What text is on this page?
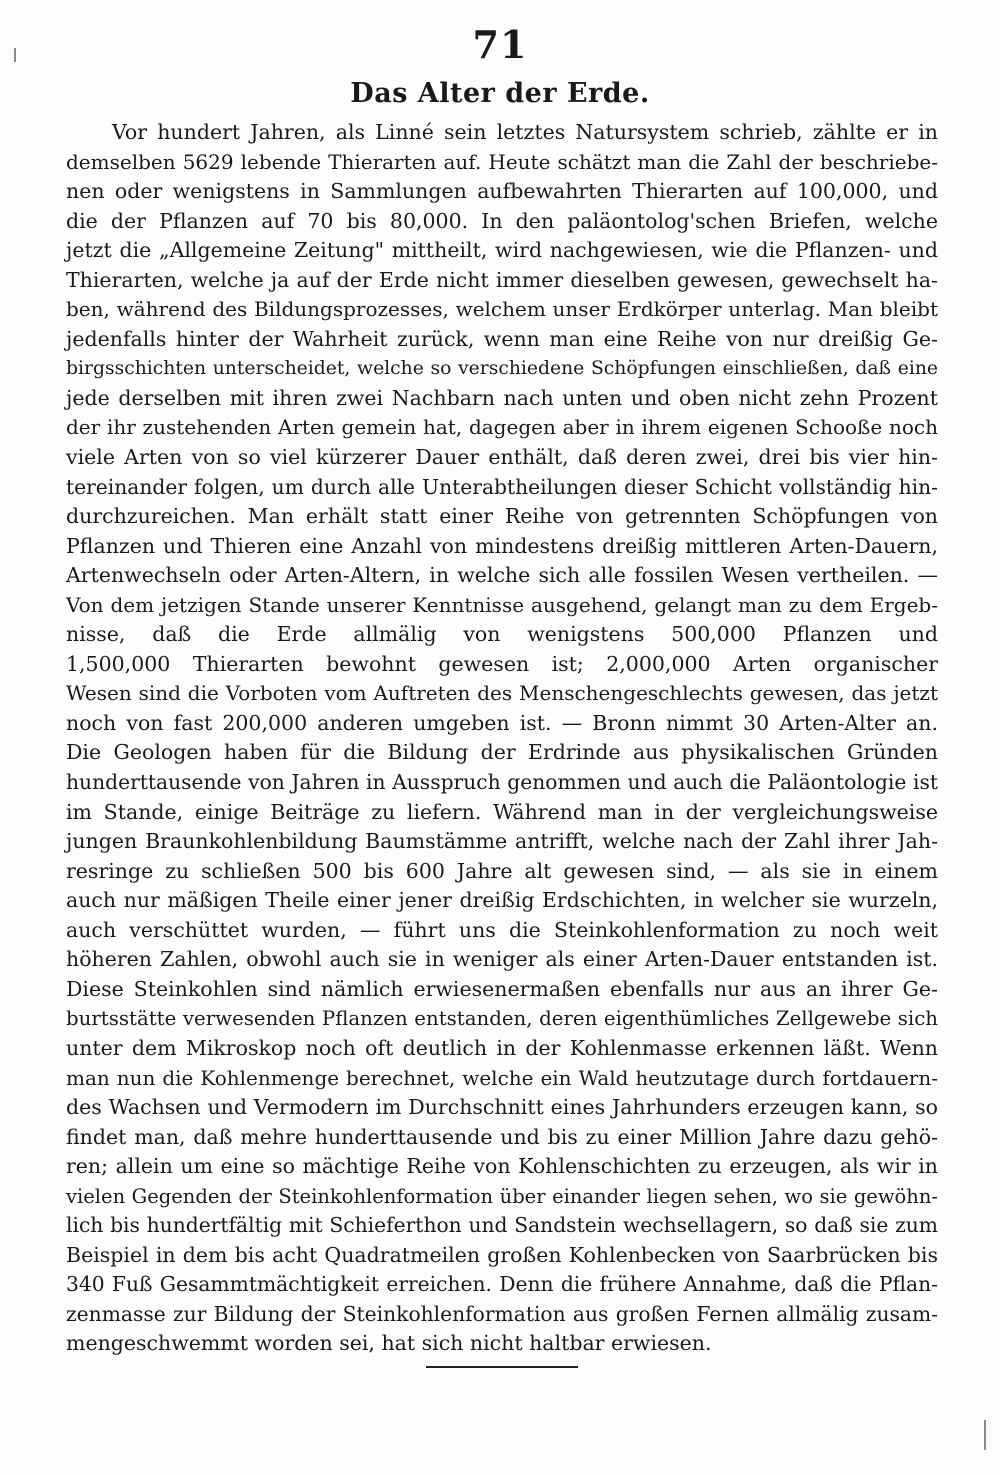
71
Das Alter der Erde.
Vor hundert Jahren, als Linné sein letztes Natursystem schrieb, zählte er in
demselben 5629 lebende Thierarten auf. Heute schätzt man die Zahl der beschriebe-
nen oder wenigstens in Sammlungen aufbewahrten Thierarten auf 100,000, und
die der Pflanzen auf 70 bis 80,000. In den paläontolog'schen Briefen, welche
jetzt die „Allgemeine Zeitung" mittheilt, wird nachgewiesen, wie die Pflanzen- und
Thierarten, welche ja auf der Erde nicht immer dieselben gewesen, gewechselt ha-
ben, während des Bildungsprozesses, welchem unser Erdkörper unterlag. Man bleibt
jedenfalls hinter der Wahrheit zurück, wenn man eine Reihe von nur dreißig Ge-
birgsschichten unterscheidet, welche so verschiedene Schöpfungen einschließen, daß eine
jede derselben mit ihren zwei Nachbarn nach unten und oben nicht zehn Prozent
der ihr zustehenden Arten gemein hat, dagegen aber in ihrem eigenen Schooße noch
viele Arten von so viel kürzerer Dauer enthält, daß deren zwei, drei bis vier hin-
tereinander folgen, um durch alle Unterabtheilungen dieser Schicht vollständig hin-
durchzureichen. Man erhält statt einer Reihe von getrennten Schöpfungen von
Pflanzen und Thieren eine Anzahl von mindestens dreißig mittleren Arten-Dauern,
Artenwechseln oder Arten-Altern, in welche sich alle fossilen Wesen vertheilen. —
Von dem jetzigen Stande unserer Kenntnisse ausgehend, gelangt man zu dem Ergeb-
nisse, daß die Erde allmälig von wenigstens 500,000 Pflanzen und
1,500,000 Thierarten bewohnt gewesen ist; 2,000,000 Arten organischer
Wesen sind die Vorboten vom Auftreten des Menschengeschlechts gewesen, das jetzt
noch von fast 200,000 anderen umgeben ist. — Bronn nimmt 30 Arten-Alter an.
Die Geologen haben für die Bildung der Erdrinde aus physikalischen Gründen
hunderttausende von Jahren in Ausspruch genommen und auch die Paläontologie ist
im Stande, einige Beiträge zu liefern. Während man in der vergleichungsweise
jungen Braunkohlenbildung Baumstämme antrifft, welche nach der Zahl ihrer Jah-
resringe zu schließen 500 bis 600 Jahre alt gewesen sind, — als sie in einem
auch nur mäßigen Theile einer jener dreißig Erdschichten, in welcher sie wurzeln,
auch verschüttet wurden, — führt uns die Steinkohlenformation zu noch weit
höheren Zahlen, obwohl auch sie in weniger als einer Arten-Dauer entstanden ist.
Diese Steinkohlen sind nämlich erwiesenermaßen ebenfalls nur aus an ihrer Ge-
burtsstätte verwesenden Pflanzen entstanden, deren eigenthümliches Zellgewebe sich
unter dem Mikroskop noch oft deutlich in der Kohlenmasse erkennen läßt. Wenn
man nun die Kohlenmenge berechnet, welche ein Wald heutzutage durch fortdauern-
des Wachsen und Vermodern im Durchschnitt eines Jahrhunders erzeugen kann, so
findet man, daß mehre hunderttausende und bis zu einer Million Jahre dazu gehö-
ren; allein um eine so mächtige Reihe von Kohlenschichten zu erzeugen, als wir in
vielen Gegenden der Steinkohlenformation über einander liegen sehen, wo sie gewöhn-
lich bis hundertfältig mit Schieferthon und Sandstein wechsellagern, so daß sie zum
Beispiel in dem bis acht Quadratmeilen großen Kohlenbecken von Saarbrücken bis
340 Fuß Gesammtmächtigkeit erreichen. Denn die frühere Annahme, daß die Pflan-
zenmasse zur Bildung der Steinkohlenformation aus großen Fernen allmälig zusam-
mengeschwemmt worden sei, hat sich nicht haltbar erwiesen.
